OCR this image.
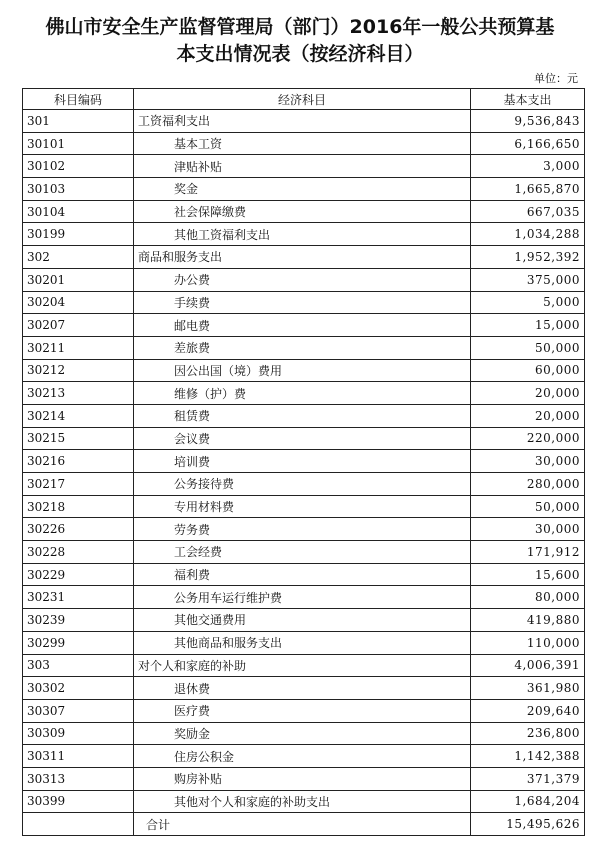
佛山市安全生产监督管理局（部门）2016年一般公共预算基
本支出情况表（按经济科目）
单位：元
科目编码	经济科目	基本支出
301	工资福利支出	9,536,843
30101	基本工资	6,166,650
30102	津贴补贴	3,000
30103	奖金	1,665,870
30104	社会保障缴费	667,035
30199	其他工资福利支出	1,034,288
302	商品和服务支出	1,952,392
30201	办公费	375,000
30204	手续费	5,000
30207	邮电费	15,000
30211	差旅费	50,000
30212	因公出国（境）费用	60,000
30213	维修（护）费	20,000
30214	租赁费	20,000
30215	会议费	220,000
30216	培训费	30,000
30217	公务接待费	280,000
30218	专用材料费	50,000
30226	劳务费	30,000
30228	工会经费	171,912
30229	福利费	15,600
30231	公务用车运行维护费	80,000
30239	其他交通费用	419,880
30299	其他商品和服务支出	110,000
303	对个人和家庭的补助	4,006,391
30302	退休费	361,980
30307	医疗费	209,640
30309	奖励金	236,800
30311	住房公积金	1,142,388
30313	购房补贴	371,379
30399	其他对个人和家庭的补助支出	1,684,204
	合计	15,495,626
